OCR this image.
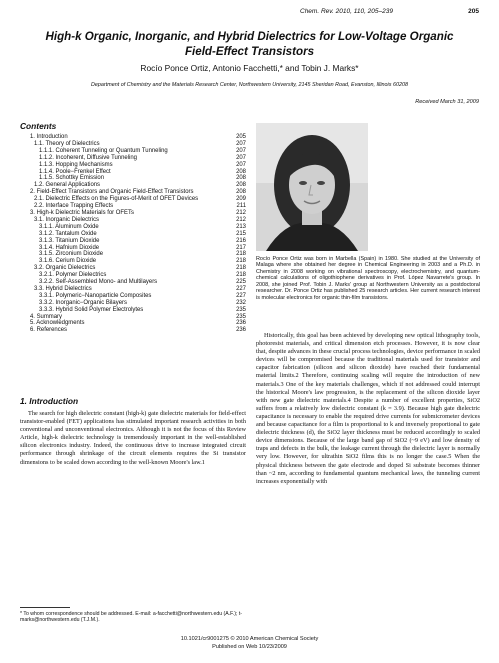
Chem. Rev. 2010, 110, 205–239	205
High-k Organic, Inorganic, and Hybrid Dielectrics for Low-Voltage Organic Field-Effect Transistors
Rocío Ponce Ortiz, Antonio Facchetti,* and Tobin J. Marks*
Department of Chemistry and the Materials Research Center, Northwestern University, 2145 Sheridan Road, Evanston, Illinois 60208
Received March 31, 2009
Contents
1. Introduction	205
1.1. Theory of Dielectrics	207
1.1.1. Coherent Tunneling or Quantum Tunneling	207
1.1.2. Incoherent, Diffusive Tunneling	207
1.1.3. Hopping Mechanisms	207
1.1.4. Poole−Frenkel Effect	208
1.1.5. Schottky Emission	208
1.2. General Applications	208
2. Field-Effect Transistors and Organic Field-Effect Transistors	208
2.1. Dielectric Effects on the Figures-of-Merit of OFET Devices	209
2.2. Interface Trapping Effects	211
3. High-k Dielectric Materials for OFETs	212
3.1. Inorganic Dielectrics	212
3.1.1. Aluminum Oxide	213
3.1.2. Tantalum Oxide	215
3.1.3. Titanium Dioxide	216
3.1.4. Hafnium Dioxide	217
3.1.5. Zirconium Dioxide	218
3.1.6. Cerium Dioxide	218
3.2. Organic Dielectrics	218
3.2.1. Polymer Dielectrics	218
3.2.2. Self-Assembled Mono- and Multilayers	225
3.3. Hybrid Dielectrics	227
3.3.1. Polymeric−Nanoparticle Composites	227
3.3.2. Inorganic−Organic Bilayers	232
3.3.3. Hybrid Solid Polymer Electrolytes	235
4. Summary	235
5. Acknowledgments	236
6. References	236
1. Introduction
The search for high dielectric constant (high-k) gate dielectric materials for field-effect transistor-enabled (FET) applications has stimulated important research activities in both conventional and unconventional electronics. Although it is not the focus of this Review Article, high-k dielectric technology is tremendously important in the well-established silicon electronics industry. Indeed, the continuous drive to increase integrated circuit performance through shrinkage of the circuit elements requires the Si transistor dimensions to be scaled down according to the well-known Moore's law.1
* To whom correspondence should be addressed. E-mail: a-facchetti@northwestern.edu (A.F.); t-marks@northwestern.edu (T.J.M.).
Rocío Ponce Ortiz was born in Marbella (Spain) in 1980. She studied at the University of Malaga where she obtained her degree in Chemical Engineering in 2003 and a Ph.D. in Chemistry in 2008 working on vibrational spectroscopy, electrochemistry, and quantum-chemical calculations of oligothiophene derivatives in Prof. López Navarrete's group. In 2008, she joined Prof. Tobin J. Marks' group at Northwestern University as a postdoctoral researcher. Dr. Ponce Ortiz has published 25 research articles. Her current research interest is molecular electronics for organic thin-film transistors.
Historically, this goal has been achieved by developing new optical lithography tools, photoresist materials, and critical dimension etch processes. However, it is now clear that, despite advances in these crucial process technologies, device performance in scaled devices will be compromised because the traditional materials used for transistor and capacitor fabrication (silicon and silicon dioxide) have reached their fundamental material limits.2 Therefore, continuing scaling will require the introduction of new materials.3 One of the key materials challenges, which if not addressed could interrupt the historical Moore's law progression, is the replacement of the silicon dioxide layer with new gate dielectric materials.4 Despite a number of excellent properties, SiO2 suffers from a relatively low dielectric constant (k = 3.9). Because high gate dielectric capacitance is necessary to enable the required drive currents for submicrometer devices and because capacitance for a film is proportional to k and inversely proportional to gate dielectric thickness (d), the SiO2 layer thickness must be reduced accordingly to scaled device dimensions. Because of the large band gap of SiO2 (~9 eV) and low density of traps and defects in the bulk, the leakage current through the dielectric layer is normally very low. However, for ultrathin SiO2 films this is no longer the case.5 When the physical thickness between the gate electrode and doped Si substrate becomes thinner than ~2 nm, according to fundamental quantum mechanical laws, the tunneling current increases exponentially with
10.1021/cr9001275 © 2010 American Chemical Society
Published on Web 10/23/2009
